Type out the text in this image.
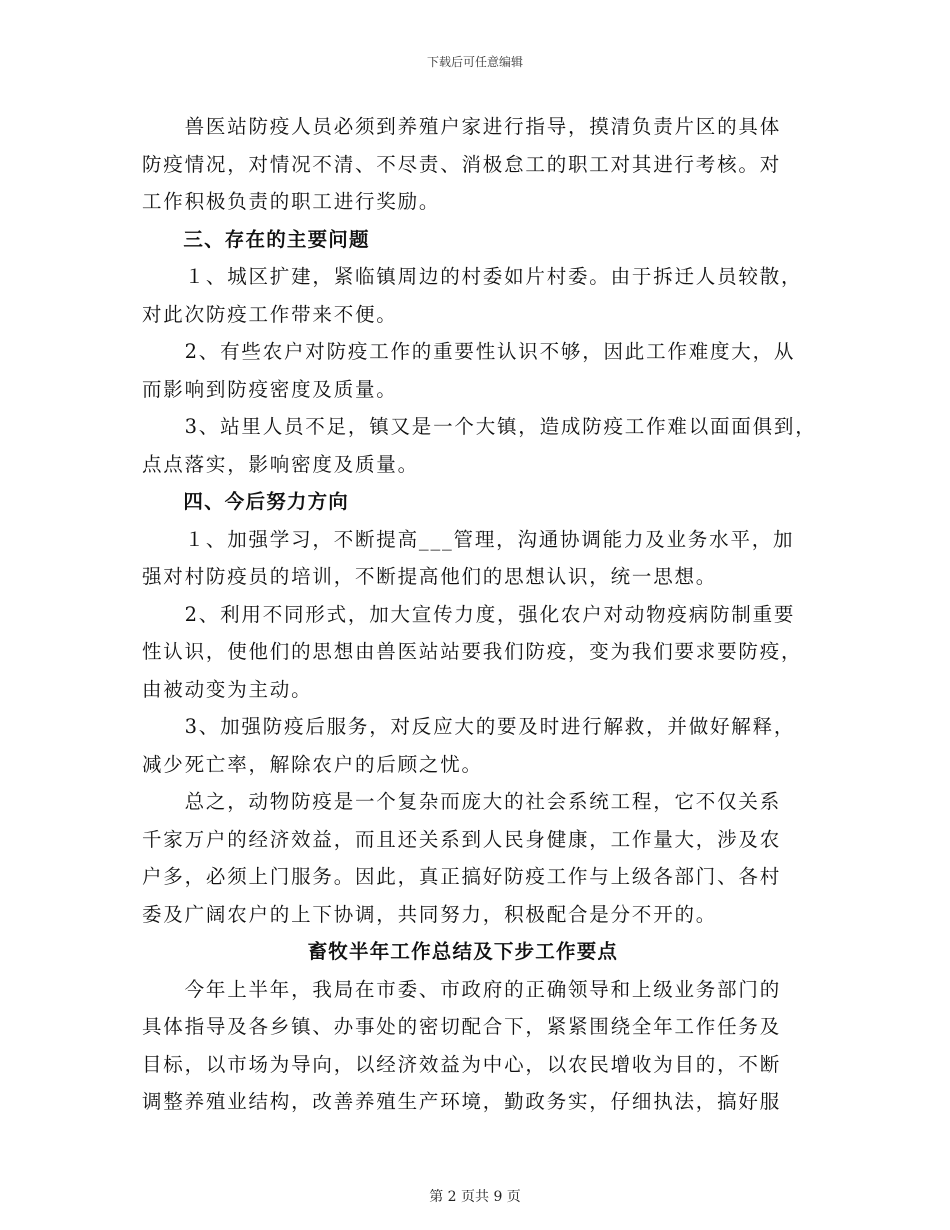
下载后可任意编辑
　　兽医站防疫人员必须到养殖户家进行指导，摸清负责片区的具体
防疫情况，对情况不清、不尽责、消极怠工的职工对其进行考核。对
工作积极负责的职工进行奖励。
　　三、存在的主要问题
　　１、城区扩建，紧临镇周边的村委如片村委。由于拆迁人员较散，
对此次防疫工作带来不便。
　　2、有些农户对防疫工作的重要性认识不够，因此工作难度大，从
而影响到防疫密度及质量。
　　3、站里人员不足，镇又是一个大镇，造成防疫工作难以面面俱到，
点点落实，影响密度及质量。
　　四、今后努力方向
　　１、加强学习，不断提高___管理，沟通协调能力及业务水平，加
强对村防疫员的培训，不断提高他们的思想认识，统一思想。
　　2、利用不同形式，加大宣传力度，强化农户对动物疫病防制重要
性认识，使他们的思想由兽医站站要我们防疫，变为我们要求要防疫，
由被动变为主动。
　　3、加强防疫后服务，对反应大的要及时进行解救，并做好解释，
减少死亡率，解除农户的后顾之忧。
　　总之，动物防疫是一个复杂而庞大的社会系统工程，它不仅关系
千家万户的经济效益，而且还关系到人民身健康，工作量大，涉及农
户多，必须上门服务。因此，真正搞好防疫工作与上级各部门、各村
委及广阔农户的上下协调，共同努力，积极配合是分不开的。
　　　　　　　　畜牧半年工作总结及下步工作要点
　　今年上半年，我局在市委、市政府的正确领导和上级业务部门的
具体指导及各乡镇、办事处的密切配合下，紧紧围绕全年工作任务及
目标，以市场为导向，以经济效益为中心，以农民增收为目的，不断
调整养殖业结构，改善养殖生产环境，勤政务实，仔细执法，搞好服
第 2 页共 9 页
